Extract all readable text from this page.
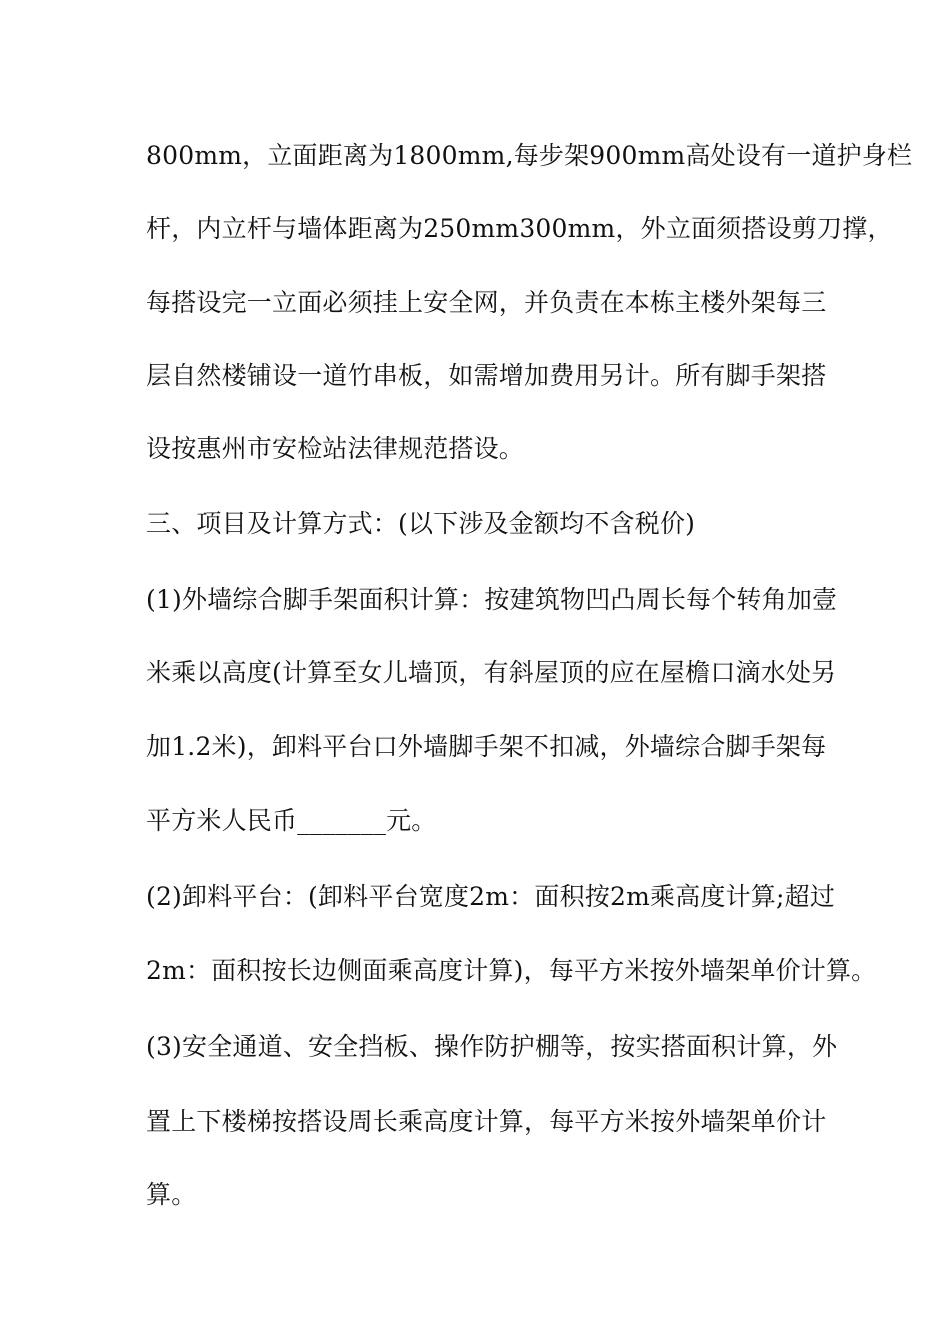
800mm，立面距离为1800mm,每步架900mm高处设有一道护身栏
杆，内立杆与墙体距离为250mm300mm，外立面须搭设剪刀撑，
每搭设完一立面必须挂上安全网，并负责在本栋主楼外架每三
层自然楼铺设一道竹串板，如需增加费用另计。所有脚手架搭
设按惠州市安检站法律规范搭设。
三、项目及计算方式：(以下涉及金额均不含税价)
(1)外墙综合脚手架面积计算：按建筑物凹凸周长每个转角加壹
米乘以高度(计算至女儿墙顶，有斜屋顶的应在屋檐口滴水处另
加1.2米)，卸料平台口外墙脚手架不扣减，外墙综合脚手架每
平方米人民币_______元。
(2)卸料平台：(卸料平台宽度2m：面积按2m乘高度计算;超过
2m：面积按长边侧面乘高度计算)，每平方米按外墙架单价计算。
(3)安全通道、安全挡板、操作防护棚等，按实搭面积计算，外
置上下楼梯按搭设周长乘高度计算，每平方米按外墙架单价计
算。
